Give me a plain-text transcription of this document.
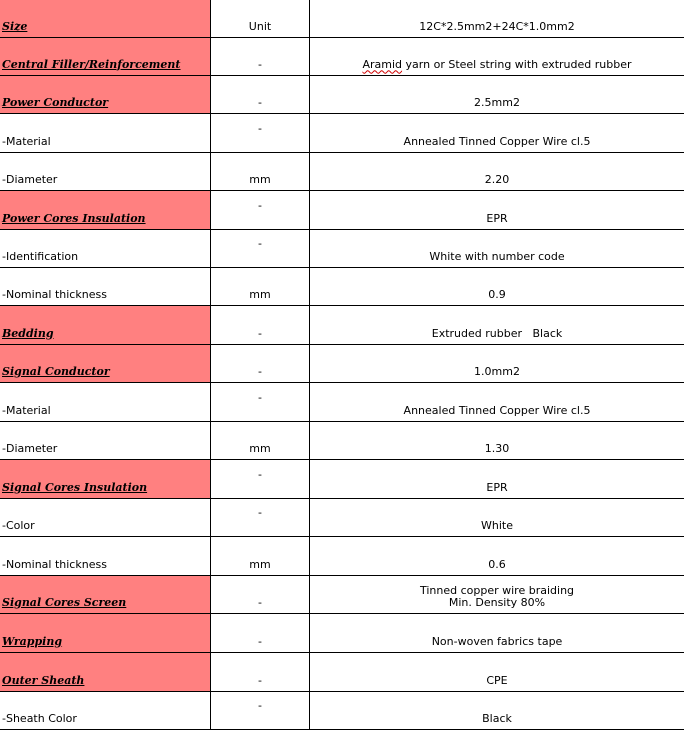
Size	Unit	12C*2.5mm2+24C*1.0mm2
Central Filler/Reinforcement	-	Aramid yarn or Steel string with extruded rubber
Power Conductor	-	2.5mm2
-Material	-	Annealed Tinned Copper Wire cl.5
-Diameter	mm	2.20
Power Cores Insulation	-	EPR
-Identification	-	White with number code
-Nominal thickness	mm	0.9
Bedding	-	Extruded rubber   Black
Signal Conductor	-	1.0mm2
-Material	-	Annealed Tinned Copper Wire cl.5
-Diameter	mm	1.30
Signal Cores Insulation	-	EPR
-Color	-	White
-Nominal thickness	mm	0.6
Signal Cores Screen	-	Tinned copper wire braiding
Min. Density 80%

Wrapping	-	Non-woven fabrics tape
Outer Sheath	-	CPE
-Sheath Color	-	Black
